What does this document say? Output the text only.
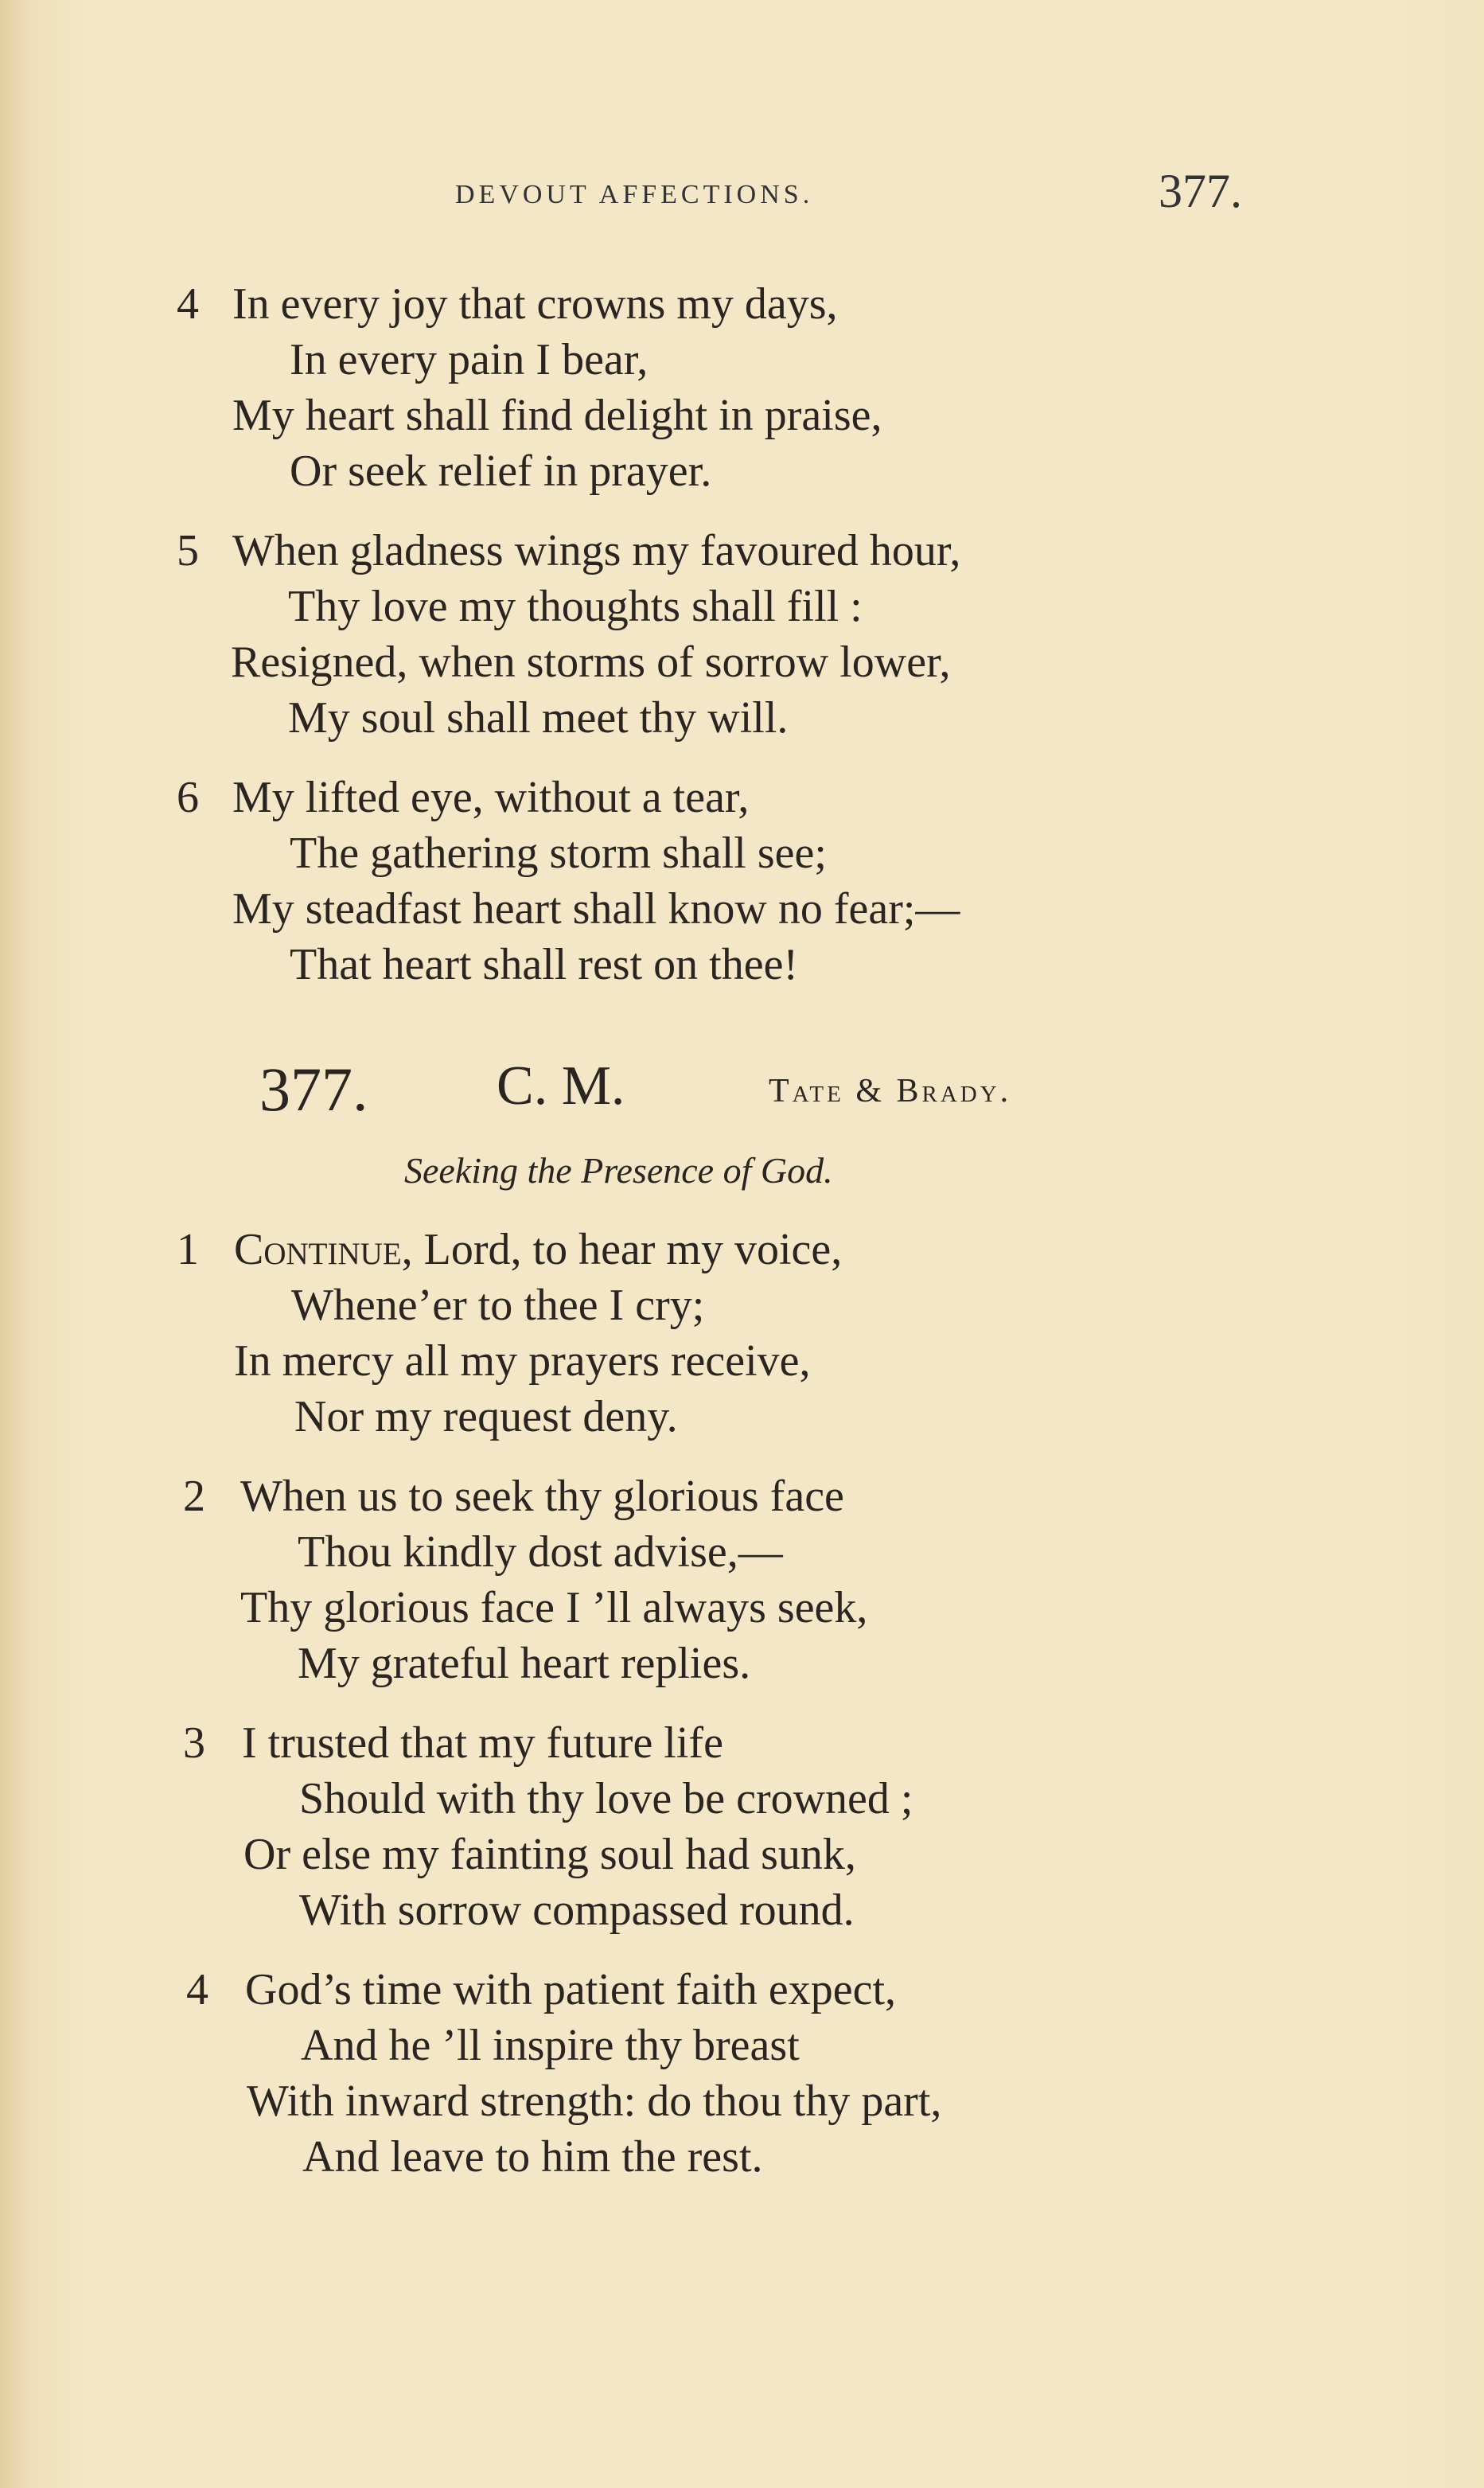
DEVOUT AFFECTIONS.	377.
4 In every joy that crowns my days,
In every pain I bear,
My heart shall find delight in praise,
Or seek relief in prayer.
5 When gladness wings my favoured hour,
Thy love my thoughts shall fill :
Resigned, when storms of sorrow lower,
My soul shall meet thy will.
6 My lifted eye, without a tear,
The gathering storm shall see;
My steadfast heart shall know no fear;—
That heart shall rest on thee!
377. C. M.	Tate & Brady.
Seeking the Presence of God.
1 Continue, Lord, to hear my voice,
Whene’er to thee I cry;
In mercy all my prayers receive,
Nor my request deny.
2 When us to seek thy glorious face
Thou kindly dost advise,—
Thy glorious face I ’ll always seek,
My grateful heart replies.
3 I trusted that my future life
Should with thy love be crowned ;
Or else my fainting soul had sunk,
With sorrow compassed round.
4 God’s time with patient faith expect,
And he ’ll inspire thy breast
With inward strength: do thou thy part,
And leave to him the rest.
